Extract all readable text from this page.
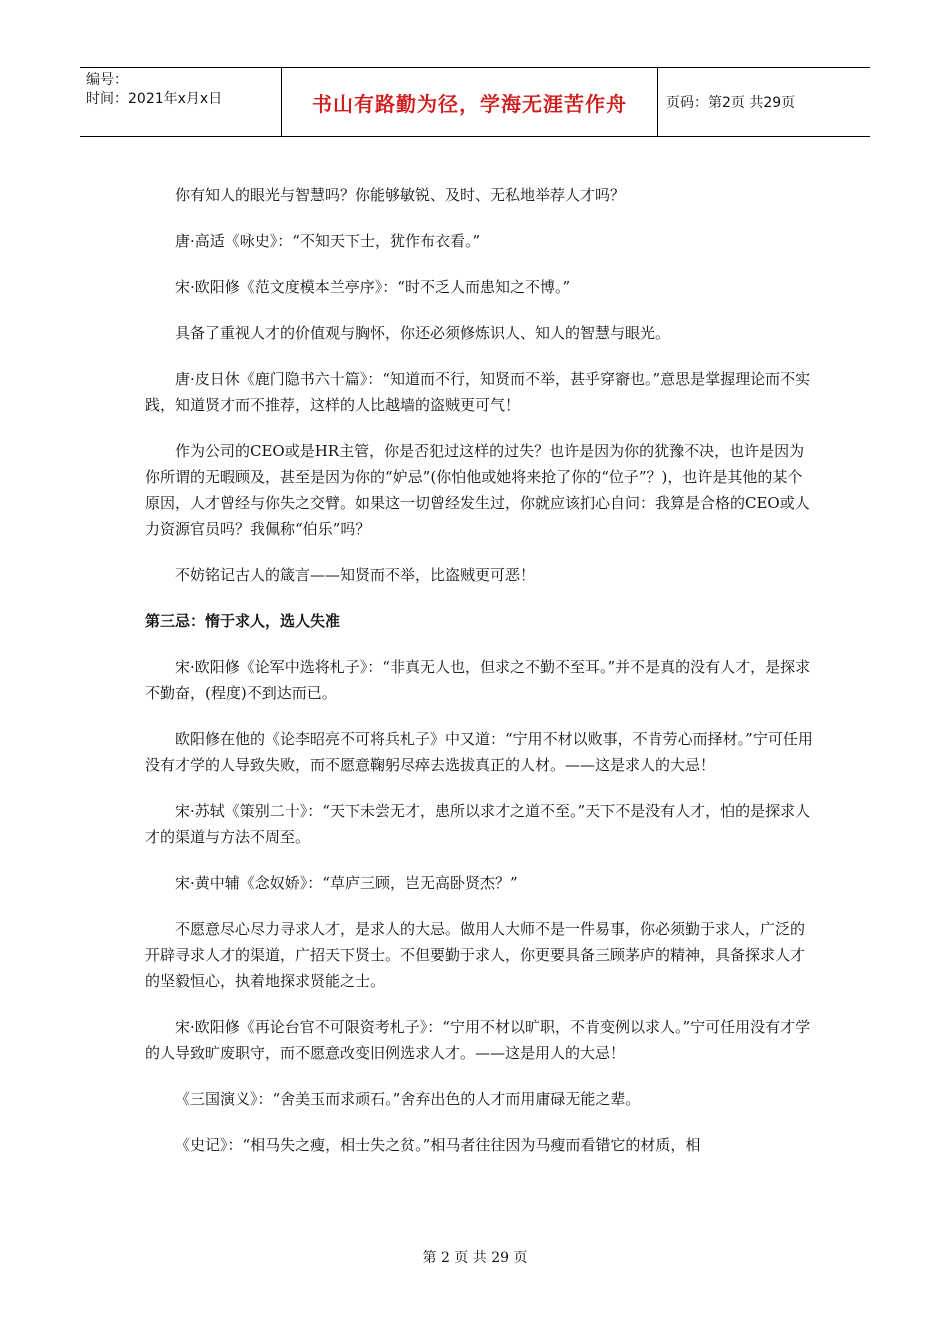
编号：
时间：2021年x月x日	书山有路勤为径，学海无涯苦作舟	页码：第2页 共29页

你有知人的眼光与智慧吗？你能够敏锐、及时、无私地举荐人才吗？

唐·高适《咏史》：“不知天下士，犹作布衣看。”

宋·欧阳修《范文度模本兰亭序》：“时不乏人而患知之不博。”

具备了重视人才的价值观与胸怀，你还必须修炼识人、知人的智慧与眼光。

唐·皮日休《鹿门隐书六十篇》：“知道而不行，知贤而不举，甚乎穿窬也。”意思是掌握理论而不实践，知道贤才而不推荐，这样的人比越墙的盗贼更可气！

作为公司的CEO或是HR主管，你是否犯过这样的过失？也许是因为你的犹豫不决，也许是因为你所谓的无暇顾及，甚至是因为你的“妒忌”(你怕他或她将来抢了你的“位子”？)，也许是其他的某个原因，人才曾经与你失之交臂。如果这一切曾经发生过，你就应该扪心自问：我算是合格的CEO或人力资源官员吗？我佩称“伯乐”吗？

不妨铭记古人的箴言——知贤而不举，比盗贼更可恶！

第三忌：惰于求人，选人失准

宋·欧阳修《论军中选将札子》：“非真无人也，但求之不勤不至耳。”并不是真的没有人才，是探求不勤奋，(程度)不到达而已。

欧阳修在他的《论李昭亮不可将兵札子》中又道：“宁用不材以败事，不肯劳心而择材。”宁可任用没有才学的人导致失败，而不愿意鞠躬尽瘁去选拔真正的人材。——这是求人的大忌！

宋·苏轼《策别二十》：“天下未尝无才，患所以求才之道不至。”天下不是没有人才，怕的是探求人才的渠道与方法不周至。

宋·黄中辅《念奴娇》：“草庐三顾，岂无高卧贤杰？”

不愿意尽心尽力寻求人才，是求人的大忌。做用人大师不是一件易事，你必须勤于求人，广泛的开辟寻求人才的渠道，广招天下贤士。不但要勤于求人，你更要具备三顾茅庐的精神，具备探求人才的坚毅恒心，执着地探求贤能之士。

宋·欧阳修《再论台官不可限资考札子》：“宁用不材以旷职，不肯变例以求人。”宁可任用没有才学的人导致旷废职守，而不愿意改变旧例选求人才。——这是用人的大忌！

《三国演义》：“舍美玉而求顽石。”舍弃出色的人才而用庸碌无能之辈。

《史记》：“相马失之瘦，相士失之贫。”相马者往往因为马瘦而看错它的材质，相

第 2 页 共 29 页
